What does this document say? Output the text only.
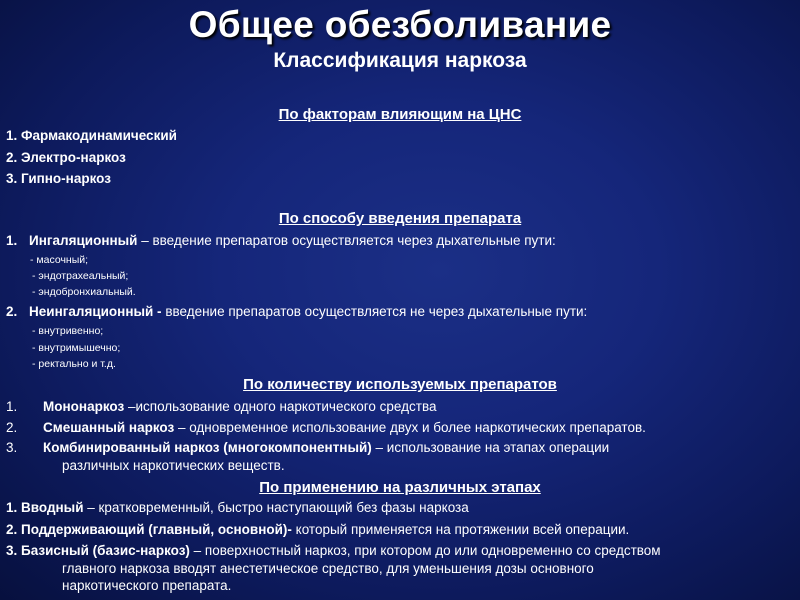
Общее обезболивание
Классификация наркоза
По факторам влияющим на ЦНС
1. Фармакодинамический
2. Электро-наркоз
3. Гипно-наркоз
По способу введения препарата
1. Ингаляционный – введение препаратов осуществляется через дыхательные пути:
- масочный;
- эндотрахеальный;
- эндобронхиальный.
2. Неингаляционный - введение препаратов осуществляется не через дыхательные пути:
- внутривенно;
- внутримышечно;
- ректально и т.д.
По количеству используемых препаратов
1. Мононаркоз –использование одного наркотического средства
2. Смешанный наркоз – одновременное использование двух и более наркотических препаратов.
3. Комбинированный наркоз (многокомпонентный) – использование на этапах операции
различных наркотических веществ.
По применению на различных этапах
1. Вводный – кратковременный, быстро наступающий без фазы наркоза
2. Поддерживающий (главный, основной)- который применяется на протяжении всей операции.
3. Базисный (базис-наркоз) – поверхностный наркоз, при котором до или одновременно со средством
главного наркоза вводят анестетическое средство, для уменьшения дозы основного
наркотического препарата.
